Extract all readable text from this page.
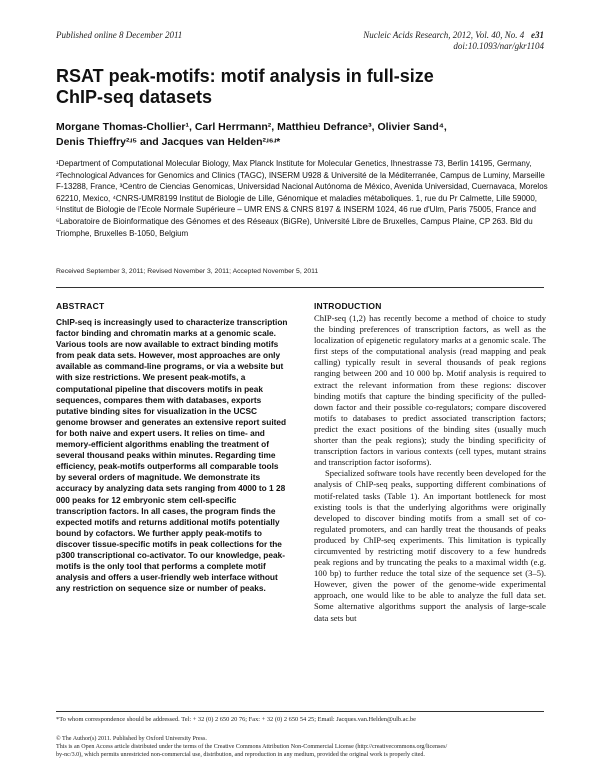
Published online 8 December 2011	Nucleic Acids Research, 2012, Vol. 40, No. 4 e31
doi:10.1093/nar/gkr1104
RSAT peak-motifs: motif analysis in full-size
ChIP-seq datasets
Morgane Thomas-Chollier¹, Carl Herrmann², Matthieu Defrance³, Olivier Sand⁴,
Denis Thieffry²ʴ⁵ and Jacques van Helden²ʴ⁶ʴ*
¹Department of Computational Molecular Biology, Max Planck Institute for Molecular Genetics, Ihnestrasse 73, Berlin 14195, Germany, ²Technological Advances for Genomics and Clinics (TAGC), INSERM U928 & Université de la Méditerranée, Campus de Luminy, Marseille F-13288, France, ³Centro de Ciencias Genomicas, Universidad Nacional Autónoma de México, Avenida Universidad, Cuernavaca, Morelos 62210, Mexico, ⁴CNRS-UMR8199 Institut de Biologie de Lille, Génomique et maladies métaboliques. 1, rue du Pr Calmette, Lille 59000, ⁵Institut de Biologie de l'Ecole Normale Supérieure – UMR ENS & CNRS 8197 & INSERM 1024, 46 rue d'Ulm, Paris 75005, France and ⁶Laboratoire de Bioinformatique des Génomes et des Réseaux (BiGRe), Université Libre de Bruxelles, Campus Plaine, CP 263. Bld du Triomphe, Bruxelles B-1050, Belgium
Received September 3, 2011; Revised November 3, 2011; Accepted November 5, 2011
ABSTRACT
ChIP-seq is increasingly used to characterize transcription factor binding and chromatin marks at a genomic scale. Various tools are now available to extract binding motifs from peak data sets. However, most approaches are only available as command-line programs, or via a website but with size restrictions. We present peak-motifs, a computational pipeline that discovers motifs in peak sequences, compares them with databases, exports putative binding sites for visualization in the UCSC genome browser and generates an extensive report suited for both naive and expert users. It relies on time- and memory-efficient algorithms enabling the treatment of several thousand peaks within minutes. Regarding time efficiency, peak-motifs outperforms all comparable tools by several orders of magnitude. We demonstrate its accuracy by analyzing data sets ranging from 4000 to 1 28 000 peaks for 12 embryonic stem cell-specific transcription factors. In all cases, the program finds the expected motifs and returns additional motifs potentially bound by cofactors. We further apply peak-motifs to discover tissue-specific motifs in peak collections for the p300 transcriptional co-activator. To our knowledge, peak-motifs is the only tool that performs a complete motif analysis and offers a user-friendly web interface without any restriction on sequence size or number of peaks.
INTRODUCTION

ChIP-seq (1,2) has recently become a method of choice to study the binding preferences of transcription factors, as well as the localization of epigenetic regulatory marks at a genomic scale. The first steps of the computational analysis (read mapping and peak calling) typically result in several thousands of peak regions ranging between 200 and 10 000 bp. Motif analysis is required to extract the relevant information from these regions: discover binding motifs that capture the binding specificity of the pulled-down factor and their possible co-regulators; compare discovered motifs to databases to predict associated transcription factors; predict the exact positions of the binding sites (usually much shorter than the peak regions); study the binding specificity of transcription factors in various contexts (cell types, mutant strains and transcription factor isoforms).

Specialized software tools have recently been developed for the analysis of ChIP-seq peaks, supporting different combinations of motif-related tasks (Table 1). An important bottleneck for most existing tools is that the underlying algorithms were originally developed to discover binding motifs from a small set of co-regulated promoters, and can hardly treat the thousands of peaks produced by ChIP-seq experiments. This limitation is typically circumvented by restricting motif discovery to a few hundreds peak regions and by truncating the peaks to a maximal width (e.g. 100 bp) to further reduce the total size of the sequence set (3–5). However, given the power of the genome-wide experimental approach, one would like to be able to analyze the full data set. Some alternative algorithms support the analysis of large-scale data sets but

*To whom correspondence should be addressed. Tel: + 32 (0) 2 650 20 76; Fax: + 32 (0) 2 650 54 25; Email: Jacques.van.Helden@ulb.ac.be
© The Author(s) 2011. Published by Oxford University Press.
This is an Open Access article distributed under the terms of the Creative Commons Attribution Non-Commercial License (http://creativecommons.org/licenses/
by-nc/3.0), which permits unrestricted non-commercial use, distribution, and reproduction in any medium, provided the original work is properly cited.
